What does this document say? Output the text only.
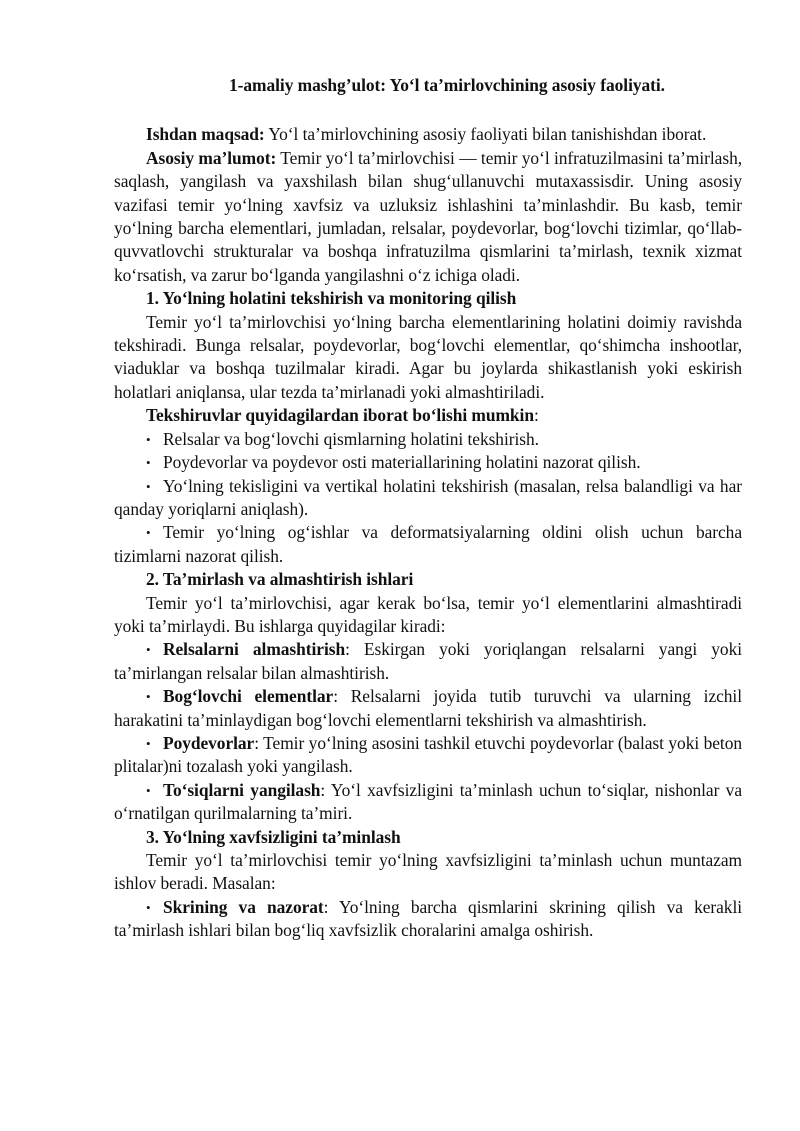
1-amaliy mashg’ulot: Yo‘l ta’mirlovchining asosiy faoliyati.

Ishdan maqsad: Yo‘l ta’mirlovchining asosiy faoliyati bilan tanishishdan iborat.

Asosiy ma’lumot: Temir yo‘l ta’mirlovchisi — temir yo‘l infratuzilmasini ta’mirlash, saqlash, yangilash va yaxshilash bilan shug‘ullanuvchi mutaxassisdir. Uning asosiy vazifasi temir yo‘lning xavfsiz va uzluksiz ishlashini ta’minlashdir. Bu kasb, temir yo‘lning barcha elementlari, jumladan, relsalar, poydevorlar, bog‘lovchi tizimlar, qo‘llab-quvvatlovchi strukturalar va boshqa infratuzilma qismlarini ta’mirlash, texnik xizmat ko‘rsatish, va zarur bo‘lganda yangilashni o‘z ichiga oladi.

1. Yo‘lning holatini tekshirish va monitoring qilish

Temir yo‘l ta’mirlovchisi yo‘lning barcha elementlarining holatini doimiy ravishda tekshiradi. Bunga relsalar, poydevorlar, bog‘lovchi elementlar, qo‘shimcha inshootlar, viaduklar va boshqa tuzilmalar kiradi. Agar bu joylarda shikastlanish yoki eskirish holatlari aniqlansa, ular tezda ta’mirlanadi yoki almashtiriladi.

Tekshiruvlar quyidagilardan iborat bo‘lishi mumkin:

• Relsalar va bog‘lovchi qismlarning holatini tekshirish.

• Poydevorlar va poydevor osti materiallarining holatini nazorat qilish.

• Yo‘lning tekisligini va vertikal holatini tekshirish (masalan, relsa balandligi va har qanday yoriqlarni aniqlash).

• Temir yo‘lning og‘ishlar va deformatsiyalarning oldini olish uchun barcha tizimlarni nazorat qilish.

2. Ta’mirlash va almashtirish ishlari

Temir yo‘l ta’mirlovchisi, agar kerak bo‘lsa, temir yo‘l elementlarini almashtiradi yoki ta’mirlaydi. Bu ishlarga quyidagilar kiradi:

• Relsalarni almashtirish: Eskirgan yoki yoriqlangan relsalarni yangi yoki ta’mirlangan relsalar bilan almashtirish.

• Bog‘lovchi elementlar: Relsalarni joyida tutib turuvchi va ularning izchil harakatini ta’minlaydigan bog‘lovchi elementlarni tekshirish va almashtirish.

• Poydevorlar: Temir yo‘lning asosini tashkil etuvchi poydevorlar (balast yoki beton plitalar)ni tozalash yoki yangilash.

• To‘siqlarni yangilash: Yo‘l xavfsizligini ta’minlash uchun to‘siqlar, nishonlar va o‘rnatilgan qurilmalarning ta’miri.

3. Yo‘lning xavfsizligini ta’minlash

Temir yo‘l ta’mirlovchisi temir yo‘lning xavfsizligini ta’minlash uchun muntazam ishlov beradi. Masalan:

• Skrining va nazorat: Yo‘lning barcha qismlarini skrining qilish va kerakli ta’mirlash ishlari bilan bog‘liq xavfsizlik choralarini amalga oshirish.
